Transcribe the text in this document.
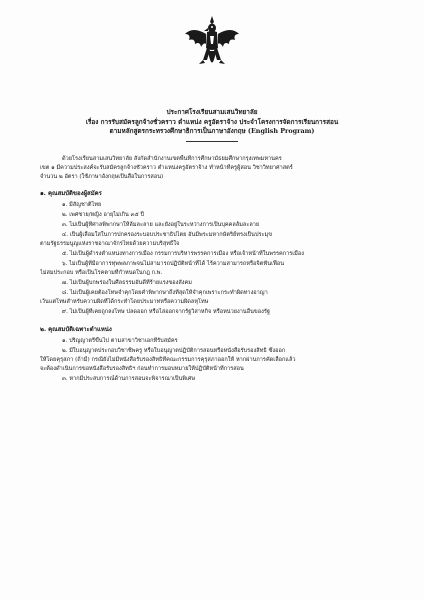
ประกาศโรงเรียนสามเสนวิทยาลัย
เรื่อง การรับสมัครลูกจ้างชั่วคราว ตำแหน่ง ครูอัตราจ้าง ประจำโครงการจัดการเรียนการสอน
ตามหลักสูตรกระทรวงศึกษาธิการเป็นภาษาอังกฤษ (English Program)
ด้วยโรงเรียนสามเสนวิทยาลัย สังกัดสำนักงานเขตพื้นที่การศึกษามัธยมศึกษากรุงเทพมหานคร
เขต ๑ มีความประสงค์จะรับสมัครลูกจ้างชั่วคราว ตำแหน่งครูอัตราจ้าง ทำหน้าที่ครูผู้สอน วิชาวิทยาศาสตร์
จำนวน ๒ อัตรา (ใช้ภาษาอังกฤษเป็นสื่อในการสอน)
๑. คุณสมบัติของผู้สมัคร
๑. มีสัญชาติไทย
๒. เพศชาย/หญิง อายุไม่เกิน ๓๕ ปี
๓. ไม่เป็นผู้ที่ศาลพิพากษาให้ล้มละลาย และยังอยู่ในระหว่างการเป็นบุคคลล้มละลาย
๔. เป็นผู้เลื่อมใสในการปกครองระบอบประชาธิปไตย อันมีพระมหากษัตริย์ทรงเป็นประมุข
ตามรัฐธรรมนูญแห่งราชอาณาจักรไทยด้วยความบริสุทธิ์ใจ
๕. ไม่เป็นผู้ดำรงตำแหน่งทางการเมือง กรรมการบริหารพรรคการเมือง หรือเจ้าหน้าที่ในพรรคการเมือง
๖. ไม่เป็นผู้ที่มีอาการทุพพลภาพจนไม่สามารถปฏิบัติหน้าที่ได้ ไร้ความสามารถหรือจิตฟั่นเฟือน
ไม่สมประกอบ หรือเป็นโรคตามที่กำหนดในกฎ ก.พ.
๗. ไม่เป็นผู้บกพร่องในศีลธรรมอันดีที่ร้ายแรงของสังคม
๘. ไม่เป็นผู้เคยต้องโทษจำคุกโดยคำพิพากษาถึงที่สุดให้จำคุกเพราะกระทำผิดทางอาญา
เว้นแต่โทษสำหรับความผิดที่ได้กระทำโดยประมาทหรือความผิดลหุโทษ
๙. ไม่เป็นผู้ที่เคยถูกลงโทษ ปลดออก หรือไล่ออกจากรัฐวิสาหกิจ หรือหน่วยงานอื่นของรัฐ
๒. คุณสมบัติเฉพาะตำแหน่ง
๑. ปริญญาตรีขึ้นไป ตามสาขาวิชาเอกที่รับสมัคร
๒. มีใบอนุญาตประกอบวิชาชีพครู หรือใบอนุญาตปฏิบัติการสอนหรือหนังสือรับรองสิทธิ ซึ่งออก
ให้โดยคุรุสภา (ถ้ามี) กรณียังไม่มีหนังสือรับรองสิทธิที่คณะกรรมการคุรุสภาออกให้ หากผ่านการคัดเลือกแล้ว
จะต้องดำเนินการขอหนังสือรับรองสิทธิฯ ก่อนทำการมอบหมายให้ปฏิบัติหน้าที่การสอน
๓. หากมีประสบการณ์ด้านการสอนจะพิจารณาเป็นพิเศษ
